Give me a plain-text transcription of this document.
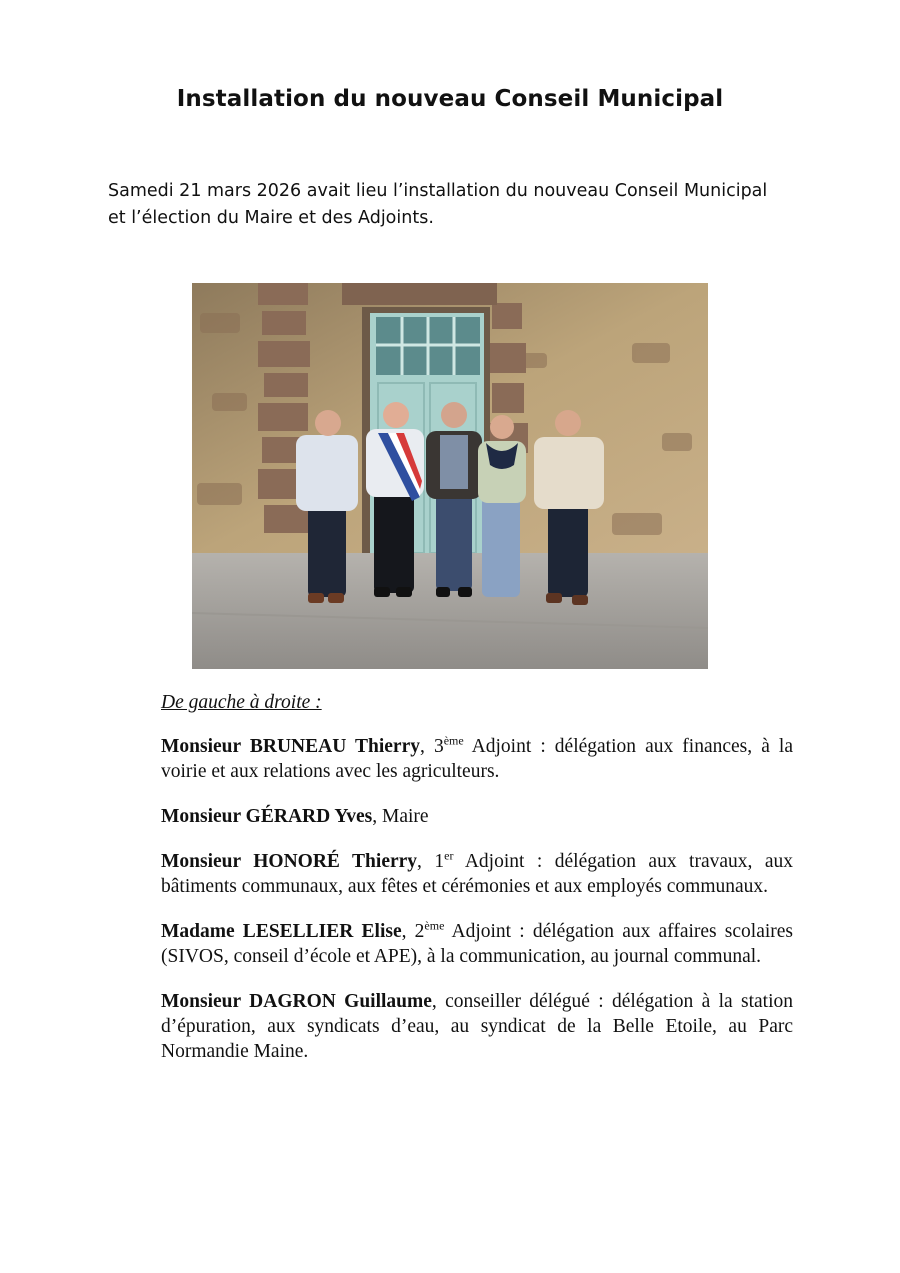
Installation du nouveau Conseil Municipal

Samedi 21 mars 2026 avait lieu l’installation du nouveau Conseil Municipal

et l’élection du Maire et des Adjoints.

De gauche à droite :

Monsieur BRUNEAU Thierry, 3ème Adjoint : délégation aux finances, à la voirie et aux relations avec les agriculteurs.

Monsieur GÉRARD Yves, Maire

Monsieur HONORÉ Thierry, 1er Adjoint : délégation aux travaux, aux bâtiments communaux, aux fêtes et cérémonies et aux employés communaux.

Madame LESELLIER Elise, 2ème Adjoint : délégation aux affaires scolaires (SIVOS, conseil d’école et APE), à la communication, au journal communal.

Monsieur DAGRON Guillaume, conseiller délégué : délégation à la station d’épuration, aux syndicats d’eau, au syndicat de la Belle Etoile, au Parc Normandie Maine.
